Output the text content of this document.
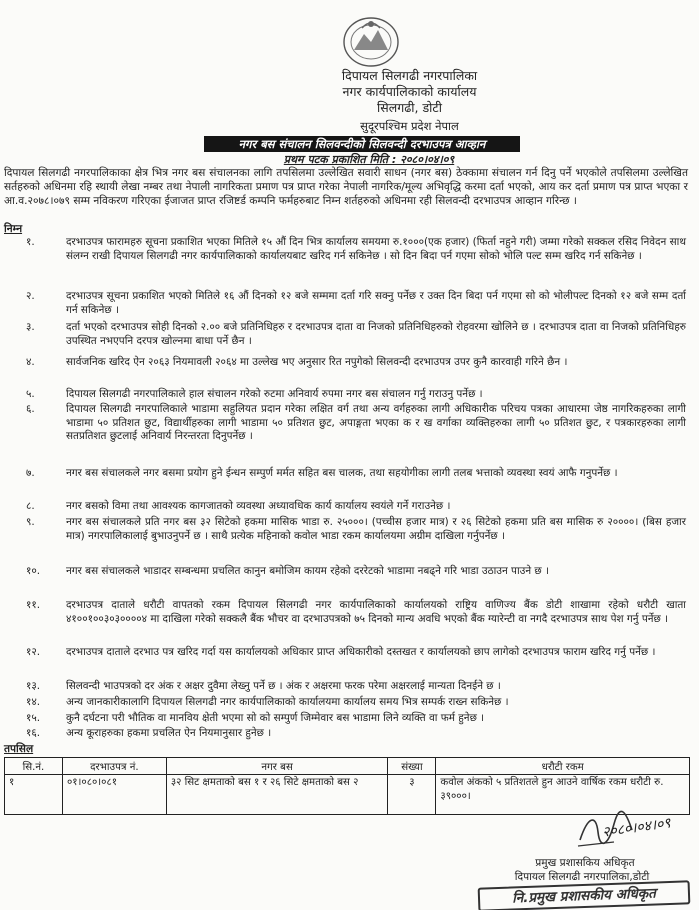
दिपायल सिलगढी नगरपालिका
नगर कार्यपालिकाको कार्यालय
सिलगढी, डोटी
सुदूरपश्चिम प्रदेश नेपाल
नगर बस संचालन सिलवन्दीको सिलवन्दी दरभाउपत्र आव्हान
प्रथम पटक प्रकाशित मिति : २०८०।०४।०९
दिपायल सिलगढी नगरपालिकाका क्षेत्र भित्र नगर बस संचालनका लागि तपसिलमा उल्लेखित सवारी साधन (नगर बस) ठेक्कामा संचालन गर्न दिनु पर्ने भएकोले तपसिलमा उल्लेखित सर्तहरुको अधिनमा रहि स्थायी लेखा नम्बर तथा नेपाली नागरिकता प्रमाण पत्र प्राप्त गरेका नेपाली नागरिक/मूल्य अभिवृद्धि करमा दर्ता भएको, आय कर दर्ता प्रमाण पत्र प्राप्त भएका र आ.व.२०७८।०७९ सम्म नविकरण गरिएका ईजाजत प्राप्त रजिष्टर्ड कम्पनि फर्महरुबाट निम्न शर्तहरुको अधिनमा रही सिलवन्दी दरभाउपत्र आव्हान गरिन्छ ।
निम्न
१.	दरभाउपत्र फारामहरु सूचना प्रकाशित भएका मितिले १५ औं दिन भित्र कार्यालय समयमा रु.१०००(एक हजार) (फिर्ता नहुने गरी) जम्मा गरेको सक्कल रसिद निवेदन साथ संलग्न राखी दिपायल सिलगढी नगर कार्यपालिकाको कार्यालयबाट खरिद गर्न सकिनेछ । सो दिन बिदा पर्न गएमा सोको भोलि पल्ट सम्म खरिद गर्न सकिनेछ ।
२.	दरभाउपत्र सूचना प्रकाशित भएको मितिले १६ औं दिनको १२ बजे सम्ममा दर्ता गरि सक्नु पर्नेछ र उक्त दिन बिदा पर्न गएमा सो को भोलीपल्ट दिनको १२ बजे सम्म दर्ता गर्न सकिनेछ ।
३.	दर्ता भएको दरभाउपत्र सोही दिनको २.०० बजे प्रतिनिधिहरु र दरभाउपत्र दाता वा निजको प्रतिनिधिहरुको रोहवरमा खोलिने छ । दरभाउपत्र दाता वा निजको प्रतिनिधिहरु उपस्थित नभएपनि दरपत्र खोल्नमा बाधा पर्ने छैन ।
४.	सार्वजनिक खरिद ऐन २०६३ नियमावली २०६४ मा उल्लेख भए अनुसार रित नपुगेको सिलवन्दी दरभाउपत्र उपर कुनै कारवाही गरिने छैन ।
५.	दिपायल सिलगढी नगरपालिकाले हाल संचालन गरेको रुटमा अनिवार्य रुपमा नगर बस संचालन गर्नु गराउनु पर्नेछ ।
६.	दिपायल सिलगढी नगरपालिकाले भाडामा सहुलियत प्रदान गरेका लक्षित वर्ग तथा अन्य वर्गहरुका लागी अधिकारीक परिचय पत्रका आधारमा जेष्ठ नागरिकहरुका लागी भाडामा ५० प्रतिशत छुट, विद्यार्थीहरुका लागी भाडामा ५० प्रतिशत छुट, अपाङ्गता भएका क र ख वर्गाका व्यक्तिहरुका लागी ५० प्रतिशत छुट, र पत्रकारहरुका लागी सतप्रतिशत छुटलाई अनिवार्य निरन्तरता दिनुपर्नेछ ।
७.	नगर बस संचालकले नगर बसमा प्रयोग हुने ईन्धन सम्पुर्ण मर्मत सहित बस चालक, तथा सहयोगीका लागी तलब भत्ताको व्यवस्था स्वयं आफै गनुपर्नेछ ।
८.	नगर बसको विमा तथा आवश्यक कागजातको व्यवस्था अध्यावधिक कार्य कार्यालय स्वयंले गर्ने गराउनेछ ।
९.	नगर बस संचालकले प्रति नगर बस ३२ सिटेको हकमा मासिक भाडा रु. २५०००। (पच्चीस हजार मात्र) र २६ सिटेको हकमा प्रति बस मासिक रु २००००। (बिस हजार मात्र) नगरपालिकालाई बुभाउनुपर्ने छ । साथै प्रत्येक महिनाको कवोल भाडा रकम कार्यालयमा अग्रीम दाखिला गर्नुपर्नेछ ।
१०.	नगर बस संचालकले भाडादर सम्बन्धमा प्रचलित कानुन बमोजिम कायम रहेको दररेटको भाडामा नबढ्ने गरि भाडा उठाउन पाउने छ ।
११.	दरभाउपत्र दाताले धरौटी वापतको रकम दिपायल सिलगढी नगर कार्यपालिकाको कार्यालयको राष्ट्रिय वाणिज्य बैंक डोटी शाखामा रहेको धरौटी खाता ४१००१००३०३००००४ मा दाखिला गरेको सक्कलै बैंक भौचर वा दरभाउपत्रको ७५ दिनको मान्य अवधि भएको बैंक ग्यारेन्टी वा नगदै दरभाउपत्र साथ पेश गर्नु पर्नेछ ।
१२.	दरभाउपत्र दाताले दरभाउ पत्र खरिद गर्दा यस कार्यालयको अधिकार प्राप्त अधिकारीको दस्तखत र कार्यालयको छाप लागेको दरभाउपत्र फाराम खरिद गर्नु पर्नेछ ।
१३.	सिलवन्दी भाउपत्रको दर अंक र अक्षर दुवैमा लेख्नु पर्ने छ । अंक र अक्षरमा फरक परेमा अक्षरलाई मान्यता दिनईने छ ।
१४.	अन्य जानकारीकालागि दिपायल सिलगढी नगर कार्यपालिकाको कार्यालयमा कार्यालय समय भित्र सम्पर्क राख्न सकिनेछ ।
१५.	कुनै दर्घटना परी भौतिक वा मानविय क्षेती भएमा सो को सम्पुर्ण जिम्मेवार बस भाडामा लिने व्यक्ति वा फर्म हुनेछ ।
१६.	अन्य कूराहरुका हकमा प्रचलित ऐन नियमानुसार हुनेछ ।
तपसिल
सि.नं.	दरभाउपत्र नं.	नगर बस	संख्या	धरौटी रकम
१	०१।०८०।०८१	३२ सिट क्षमताको बस १ र २६ सिटे क्षमताको बस २	३	कवोल अंकको ५ प्रतिशतले हुन आउने वार्षिक रकम धरौटी रु. ३९०००।
२०८०।०४।०९
प्रमुख प्रशासकिय अधिकृत
दिपायल सिलगढी नगरपालिका,डोटी
नि.प्रमुख प्रशासकीय अधिकृत
